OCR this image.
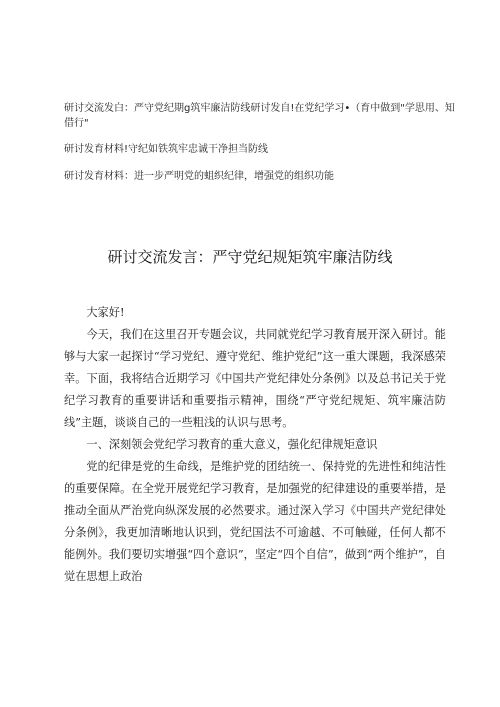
研讨交流发白：严守党纪期g筑牢廉洁防线研讨发自!在党纪学习•（育中做到"学思用、知借行"
研讨发育材料!守纪如铁筑牢忠诚干净担当防线
研讨发育材料：进一步严明党的蛆织纪律，增强党的组织功能
研讨交流发言：严守党纪规矩筑牢廉洁防线

大家好!

今天，我们在这里召开专题会议，共同就党纪学习教育展开深入研讨。能够与大家一起探讨“学习党纪、遵守党纪、维护党纪”这一重大课题，我深感荣幸。下面，我将结合近期学习《中国共产党纪律处分条例》以及总书记关于党纪学习教育的重要讲话和重要指示精神，围绕“严守党纪规矩、筑牢廉洁防线”主题，谈谈自己的一些粗浅的认识与思考。

一、深刻领会党纪学习教育的重大意义，强化纪律规矩意识

党的纪律是党的生命线，是维护党的团结统一、保持党的先进性和纯洁性的重要保障。在全党开展党纪学习教育，是加强党的纪律建设的重要举措，是推动全面从严治党向纵深发展的必然要求。通过深入学习《中国共产党纪律处分条例》，我更加清晰地认识到，党纪国法不可逾越、不可触碰，任何人都不能例外。我们要切实增强“四个意识”，坚定“四个自信”，做到“两个维护”，自觉在思想上政治
